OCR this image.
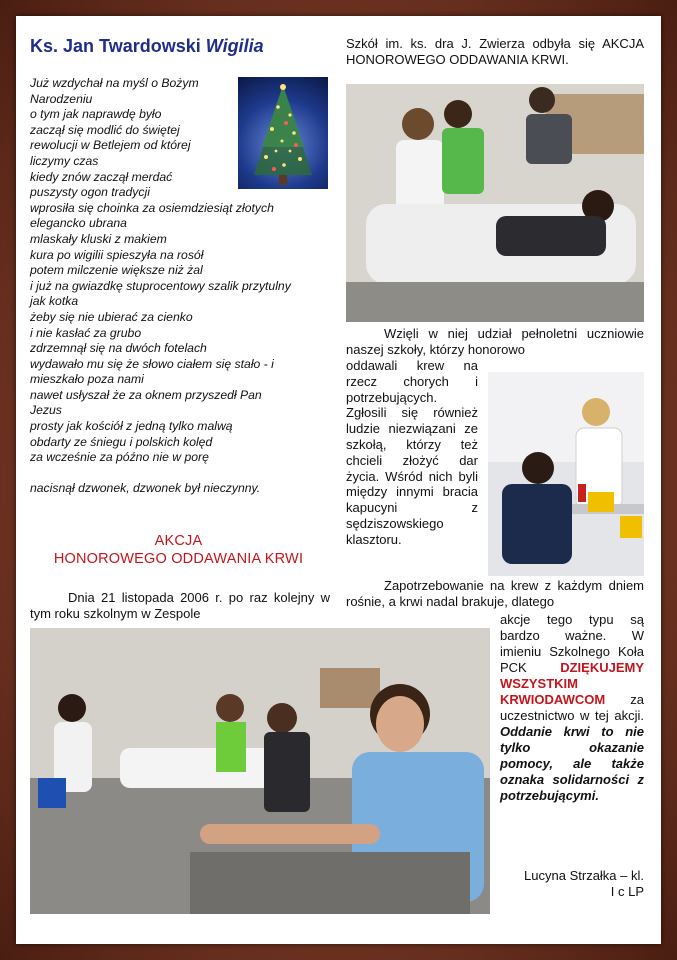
Ks. Jan Twardowski Wigilia
Już wzdychał na myśl o Bożym
Narodzeniu
o tym jak naprawdę było
zaczął się modlić do świętej
rewolucji w Betlejem od której
liczymy czas
kiedy znów zaczął merdać
puszysty ogon tradycji
wprosiła się choinka za osiemdziesiąt złotych
elegancko ubrana
mlaskały kluski z makiem
kura po wigilii spieszyła na rosół
potem milczenie większe niż żal
i już na gwiazdkę stuprocentowy szalik przytulny
jak kotka
żeby się nie ubierać za cienko
i nie kasłać za grubo
zdrzemnął się na dwóch fotelach
wydawało mu się że słowo ciałem się stało - i
mieszkało poza nami
nawet usłyszał że za oknem przyszedł Pan
Jezus
prosty jak kościół z jedną tylko malwą
obdarty ze śniegu i polskich kolęd
za wcześnie za późno nie w porę
nacisnął dzwonek, dzwonek był nieczynny.
AKCJA
HONOROWEGO ODDAWANIA KRWI
Dnia 21 listopada 2006 r. po raz kolejny w tym roku szkolnym w Zespole
Szkół im. ks. dra J. Zwierza odbyła się AKCJA HONOROWEGO ODDAWANIA KRWI.
Wzięli w niej udział pełnoletni uczniowie naszej szkoły, którzy honorowo
oddawali krew na rzecz chorych i potrzebujących. Zgłosili się również ludzie niezwiązani ze szkołą, którzy też chcieli złożyć dar życia. Wśród nich byli między innymi bracia kapucyni z sędziszowskiego klasztoru.
Zapotrzebowanie na krew z każdym dniem rośnie, a krwi nadal brakuje, dlatego
akcje tego typu są bardzo ważne. W imieniu Szkolnego Koła PCK	DZIĘKUJEMY WSZYSTKIM KRWIODAWCOM za uczestnictwo w tej akcji. Oddanie krwi to nie tylko okazanie pomocy, ale także oznaka solidarności z potrzebującymi.
Lucyna Strzałka – kl.
I c LP
